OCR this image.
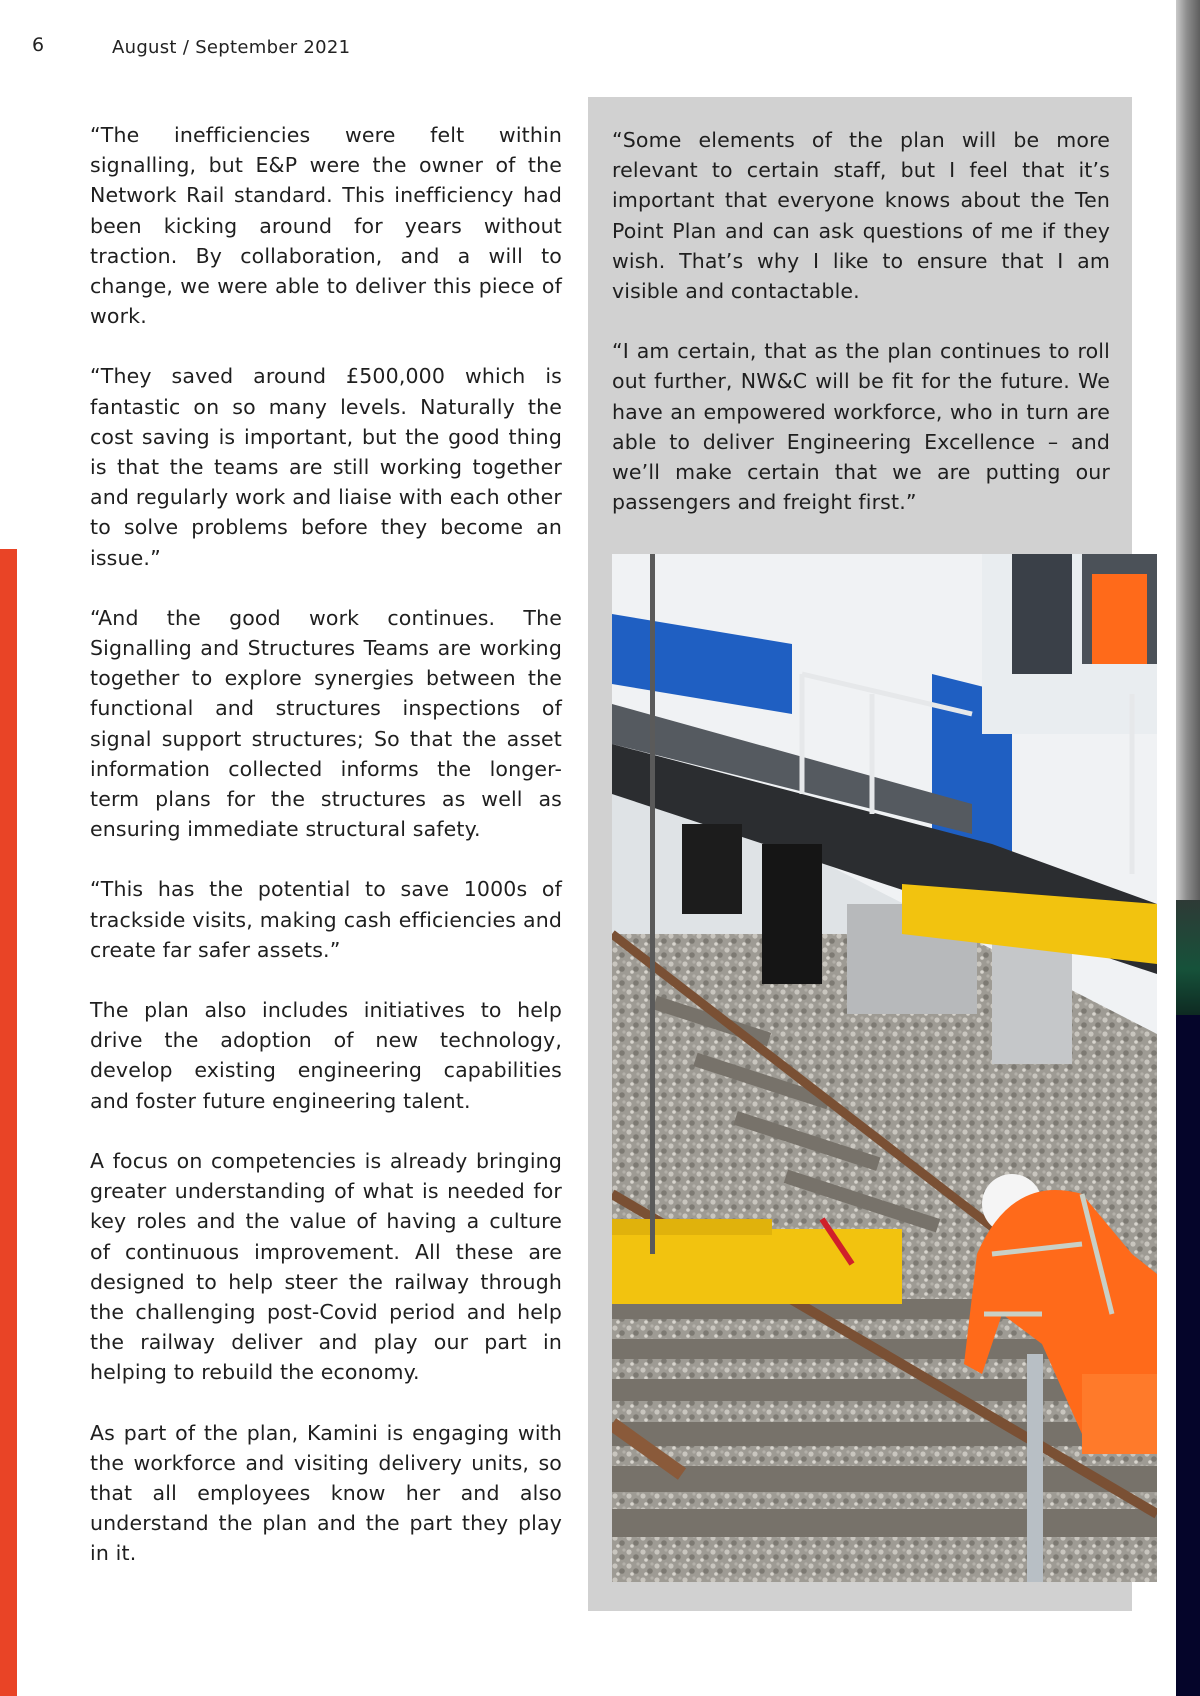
6	August / September 2021

“The inefficiencies were felt within signalling, but E&P were the owner of the Network Rail standard. This inefficiency had been kicking around for years without traction. By collaboration, and a will to change, we were able to deliver this piece of work.

“They saved around £500,000 which is fantastic on so many levels. Naturally the cost saving is important, but the good thing is that the teams are still working together and regularly work and liaise with each other to solve problems before they become an issue.”

“And the good work continues. The Signalling and Structures Teams are working together to explore synergies between the functional and structures inspections of signal support structures; So that the asset information collected informs the longer-term plans for the structures as well as ensuring immediate structural safety.

“This has the potential to save 1000s of trackside visits, making cash efficiencies and create far safer assets.”

The plan also includes initiatives to help drive the adoption of new technology, develop existing engineering capabilities and foster future engineering talent.

A focus on competencies is already bringing greater understanding of what is needed for key roles and the value of having a culture of continuous improvement. All these are designed to help steer the railway through the challenging post-Covid period and help the railway deliver and play our part in helping to rebuild the economy.

As part of the plan, Kamini is engaging with the workforce and visiting delivery units, so that all employees know her and also understand the plan and the part they play in it.

“Some elements of the plan will be more relevant to certain staff, but I feel that it’s important that everyone knows about the Ten Point Plan and can ask questions of me if they wish. That’s why I like to ensure that I am visible and contactable.

“I am certain, that as the plan continues to roll out further, NW&C will be fit for the future. We have an empowered workforce, who in turn are able to deliver Engineering Excellence – and we’ll make certain that we are putting our passengers and freight first.”
